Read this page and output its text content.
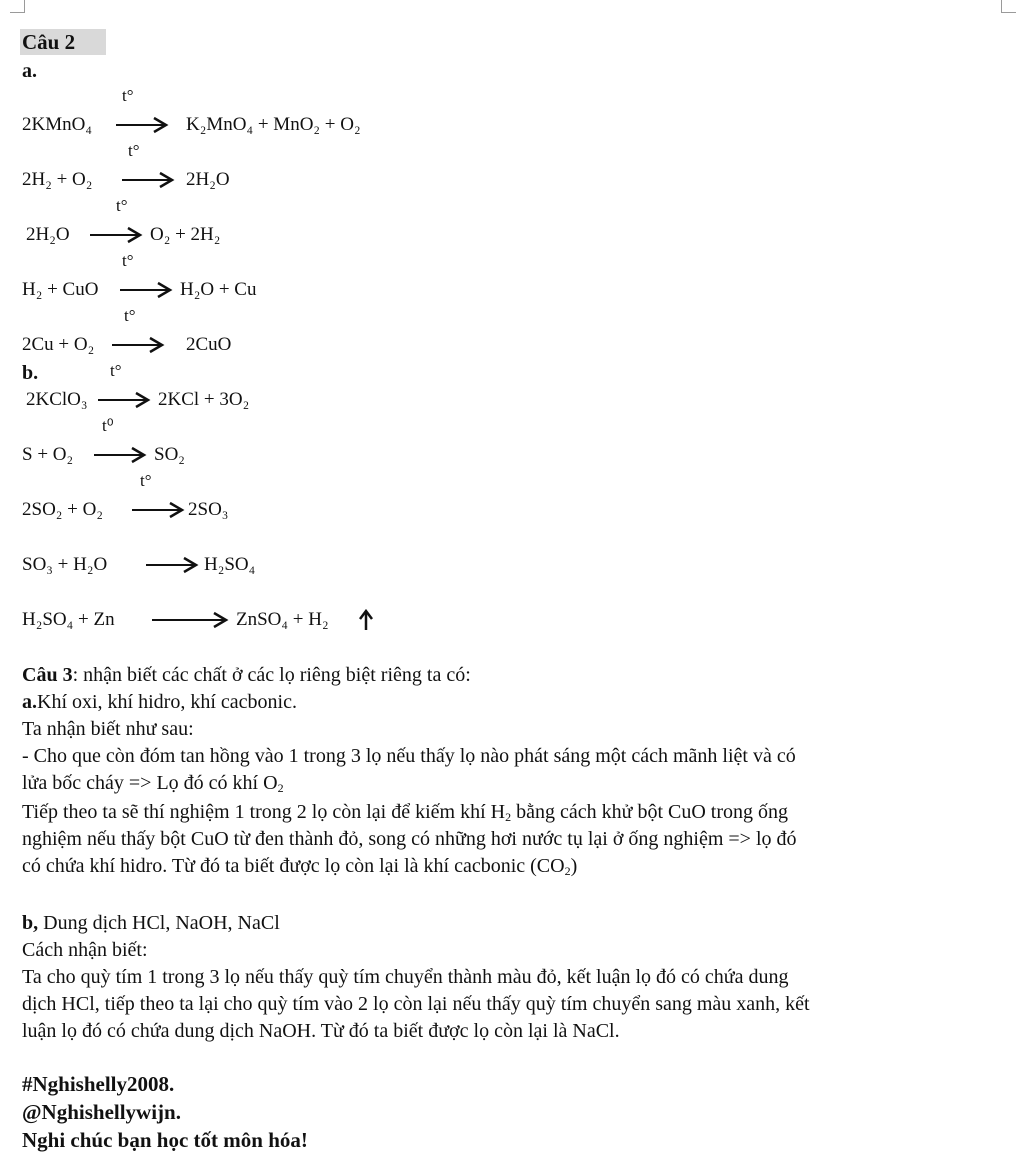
Câu 2
a.
t°
2KMnO₄ → K₂MnO₄ + MnO₂ + O₂
t°
2H₂ + O₂ → 2H₂O
t°
2H₂O → O₂ + 2H₂
t°
H₂ + CuO → H₂O + Cu
t°
2Cu + O₂ → 2CuO
b.	t°
2KClO₃ → 2KCl + 3O₂
t⁰
S + O₂ → SO₂
t°
2SO₂ + O₂ → 2SO₃
SO₃ + H₂O → H₂SO₄
H₂SO₄ + Zn	ZnSO₄ + H₂
Câu 3: nhận biết các chất ở các lọ riêng biệt riêng ta có:
a.Khí oxi, khí hidro, khí cacbonic.
Ta nhận biết như sau:
- Cho que còn đóm tan hồng vào 1 trong 3 lọ nếu thấy lọ nào phát sáng một cách mãnh liệt và có
lửa bốc cháy => Lọ đó có khí $O_2$
Tiếp theo ta sẽ thí nghiệm 1 trong 2 lọ còn lại để kiếm khí $H_2$ bằng cách khử bột CuO trong ống
nghiệm nếu thấy bột CuO từ đen thành đỏ, song có những hơi nước tụ lại ở ống nghiệm => lọ đó
có chứa khí hidro. Từ đó ta biết được lọ còn lại là khí cacbonic $(CO_2)$
b, Dung dịch HCl, NaOH, NaCl
Cách nhận biết:
Ta cho quỳ tím 1 trong 3 lọ nếu thấy quỳ tím chuyển thành màu đỏ, kết luận lọ đó có chứa dung
dịch HCl, tiếp theo ta lại cho quỳ tím vào 2 lọ còn lại nếu thấy quỳ tím chuyển sang màu xanh, kết
luận lọ đó có chứa dung dịch NaOH. Từ đó ta biết được lọ còn lại là NaCl.
#Nghishelly2008.
@Nghishellywijn.
Nghi chúc bạn học tốt môn hóa!
